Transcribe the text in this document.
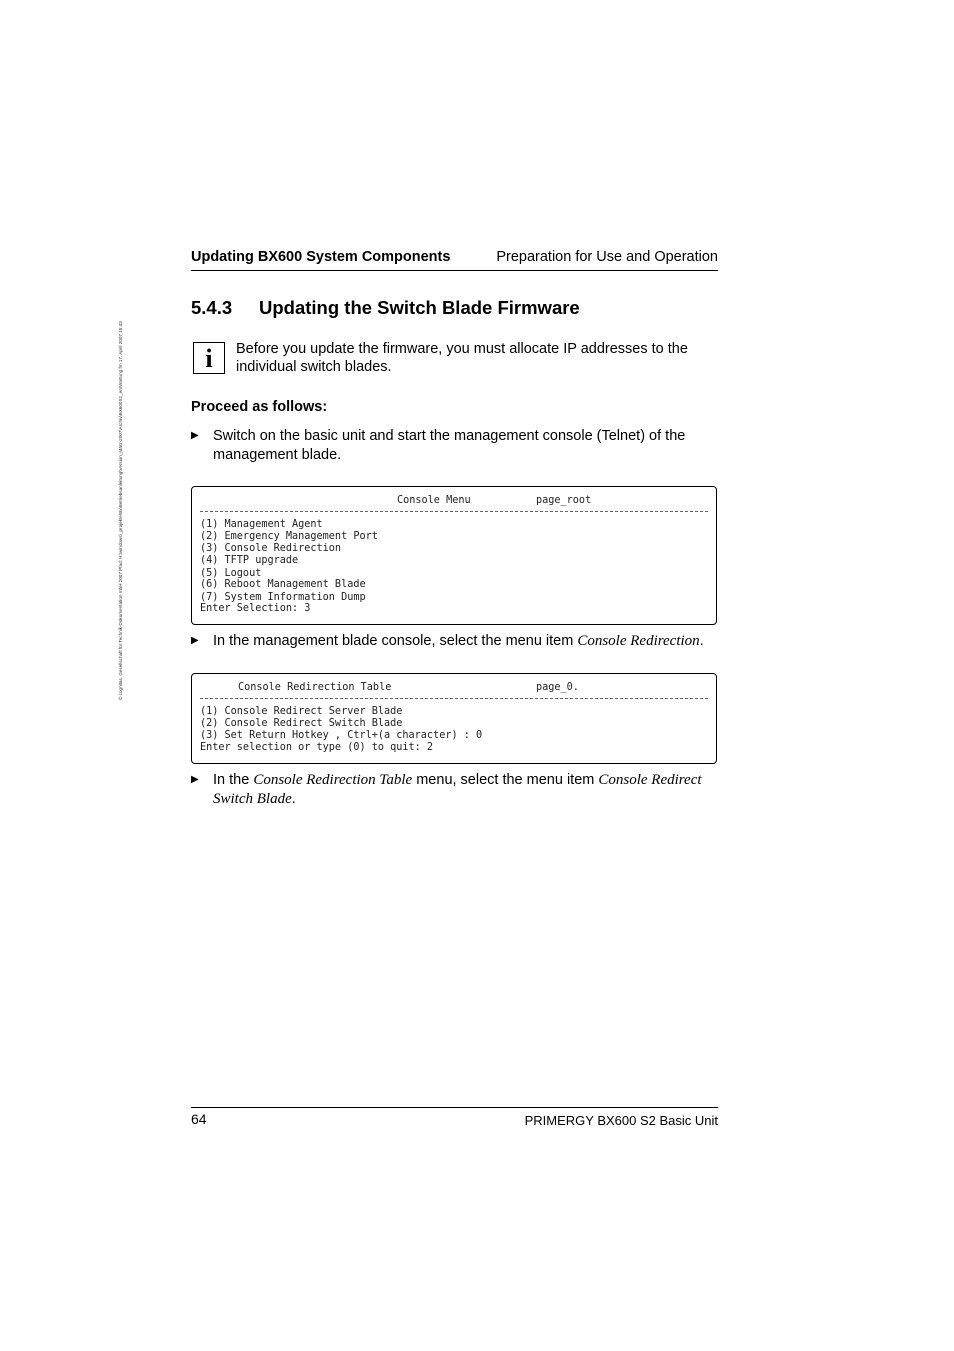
© cognitas. Gesellschaft für Technik-Dokumentation mbH 2007 Pfad: H:\windows\_projekte\Bx\Betriebsanleitung\Version_März-2007\Archiv\BX600S2_en\Wartung.fm 17. April 2007 15:43
Updating BX600 System Components	Preparation for Use and Operation
5.4.3 Updating the Switch Blade Firmware
i	Before you update the firmware, you must allocate IP addresses to the individual switch blades.
Proceed as follows:
▶ Switch on the basic unit and start the management console (Telnet) of the management blade.
Console Menu	page_root
(1) Management Agent
(2) Emergency Management Port
(3) Console Redirection
(4) TFTP upgrade
(5) Logout
(6) Reboot Management Blade
(7) System Information Dump
Enter Selection: 3
▶ In the management blade console, select the menu item Console Redirection.
Console Redirection Table	page_0.
(1) Console Redirect Server Blade
(2) Console Redirect Switch Blade
(3) Set Return Hotkey , Ctrl+(a character) : 0
Enter selection or type (0) to quit: 2
▶ In the Console Redirection Table menu, select the menu item Console Redirect Switch Blade.
64	PRIMERGY BX600 S2 Basic Unit
